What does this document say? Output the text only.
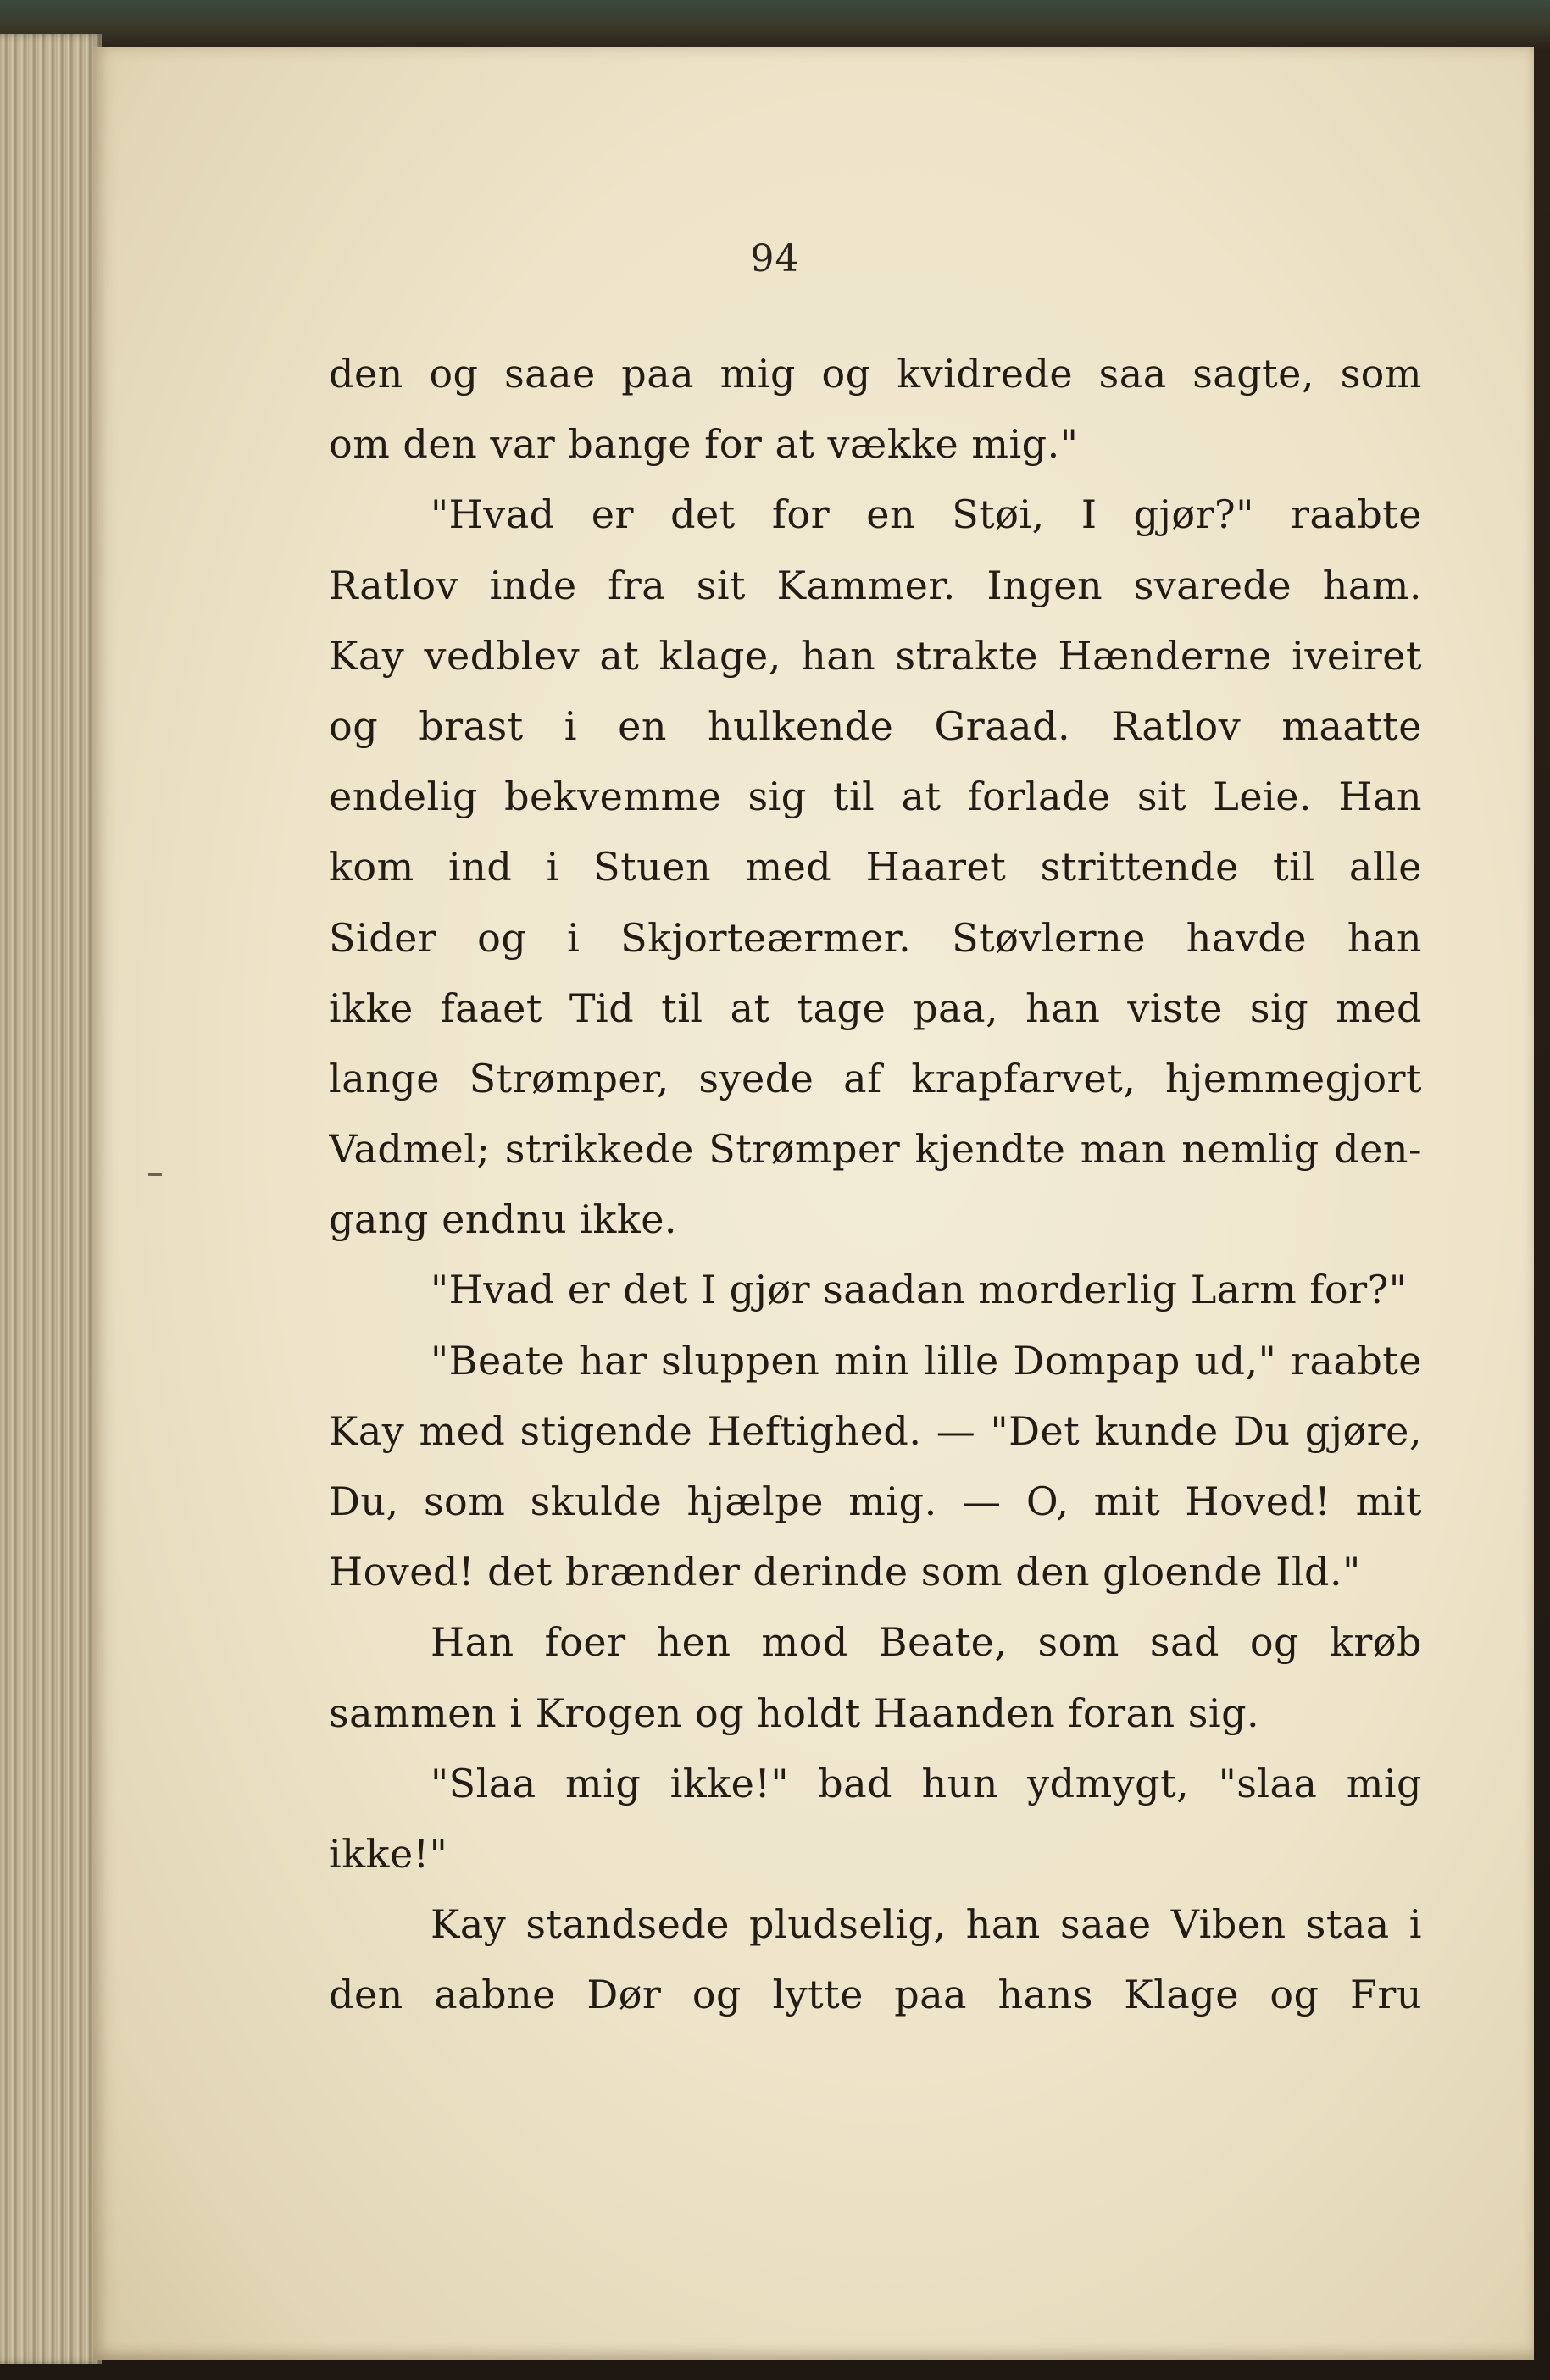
94
den og saae paa mig og kvidrede saa sagte, som
om den var bange for at vække mig."
"Hvad er det for en Støi, I gjør?" raabte
Ratlov inde fra sit Kammer. Ingen svarede ham.
Kay vedblev at klage, han strakte Hænderne iveiret
og brast i en hulkende Graad. Ratlov maatte
endelig bekvemme sig til at forlade sit Leie. Han
kom ind i Stuen med Haaret strittende til alle
Sider og i Skjorteærmer. Støvlerne havde han
ikke faaet Tid til at tage paa, han viste sig med
lange Strømper, syede af krapfarvet, hjemmegjort
Vadmel; strikkede Strømper kjendte man nemlig den-
gang endnu ikke.
"Hvad er det I gjør saadan morderlig Larm for?"
"Beate har sluppen min lille Dompap ud," raabte
Kay med stigende Heftighed. — "Det kunde Du gjøre,
Du, som skulde hjælpe mig. — O, mit Hoved! mit
Hoved! det brænder derinde som den gloende Ild."
Han foer hen mod Beate, som sad og krøb
sammen i Krogen og holdt Haanden foran sig.
"Slaa mig ikke!" bad hun ydmygt, "slaa mig
ikke!"
Kay standsede pludselig, han saae Viben staa i
den aabne Dør og lytte paa hans Klage og Fru
